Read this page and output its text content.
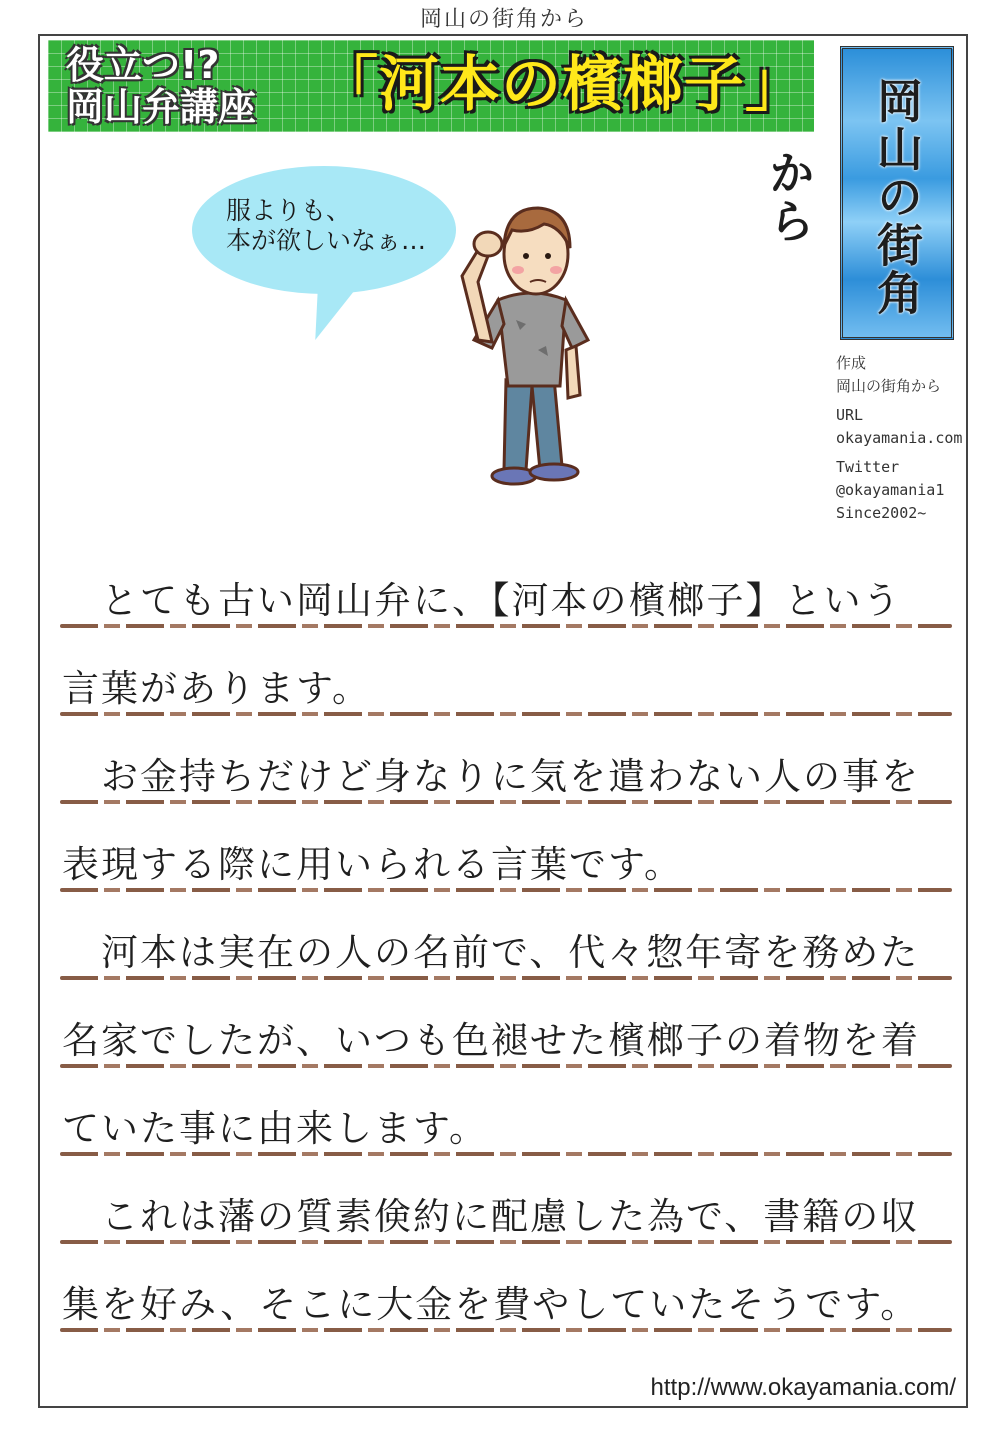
岡山の街角から
役立つ!?
岡山弁講座 「河本の檳榔子」	岡山の街角から
作成
岡山の街角から
URL
okayamania.com
Twitter
@okayamania1
Since2002~
服よりも、
本が欲しいなぁ…
　とても古い岡山弁に、【河本の檳榔子】という
言葉があります。
　お金持ちだけど身なりに気を遣わない人の事を
表現する際に用いられる言葉です。
　河本は実在の人の名前で、代々惣年寄を務めた
名家でしたが、いつも色褪せた檳榔子の着物を着
ていた事に由来します。
　これは藩の質素倹約に配慮した為で、書籍の収
集を好み、そこに大金を費やしていたそうです。
http://www.okayamania.com/
